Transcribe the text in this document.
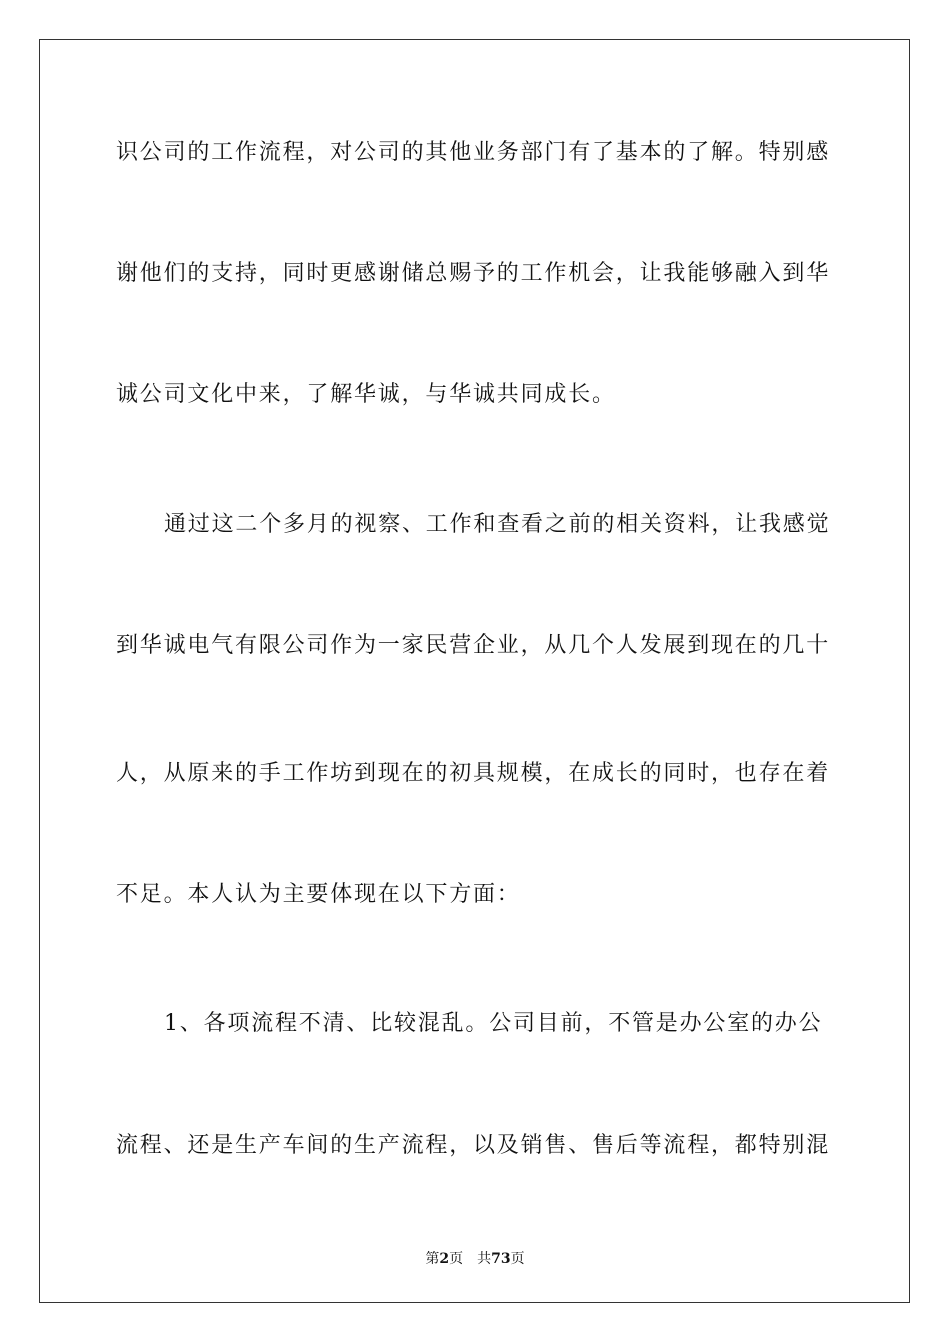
识公司的工作流程，对公司的其他业务部门有了基本的了解。特别感
谢他们的支持，同时更感谢储总赐予的工作机会，让我能够融入到华
诚公司文化中来，了解华诚，与华诚共同成长。
通过这二个多月的视察、工作和查看之前的相关资料，让我感觉
到华诚电气有限公司作为一家民营企业，从几个人发展到现在的几十
人，从原来的手工作坊到现在的初具规模，在成长的同时，也存在着
不足。本人认为主要体现在以下方面：
1、各项流程不清、比较混乱。公司目前，不管是办公室的办公
流程、还是生产车间的生产流程，以及销售、售后等流程，都特别混
第2页 共73页
